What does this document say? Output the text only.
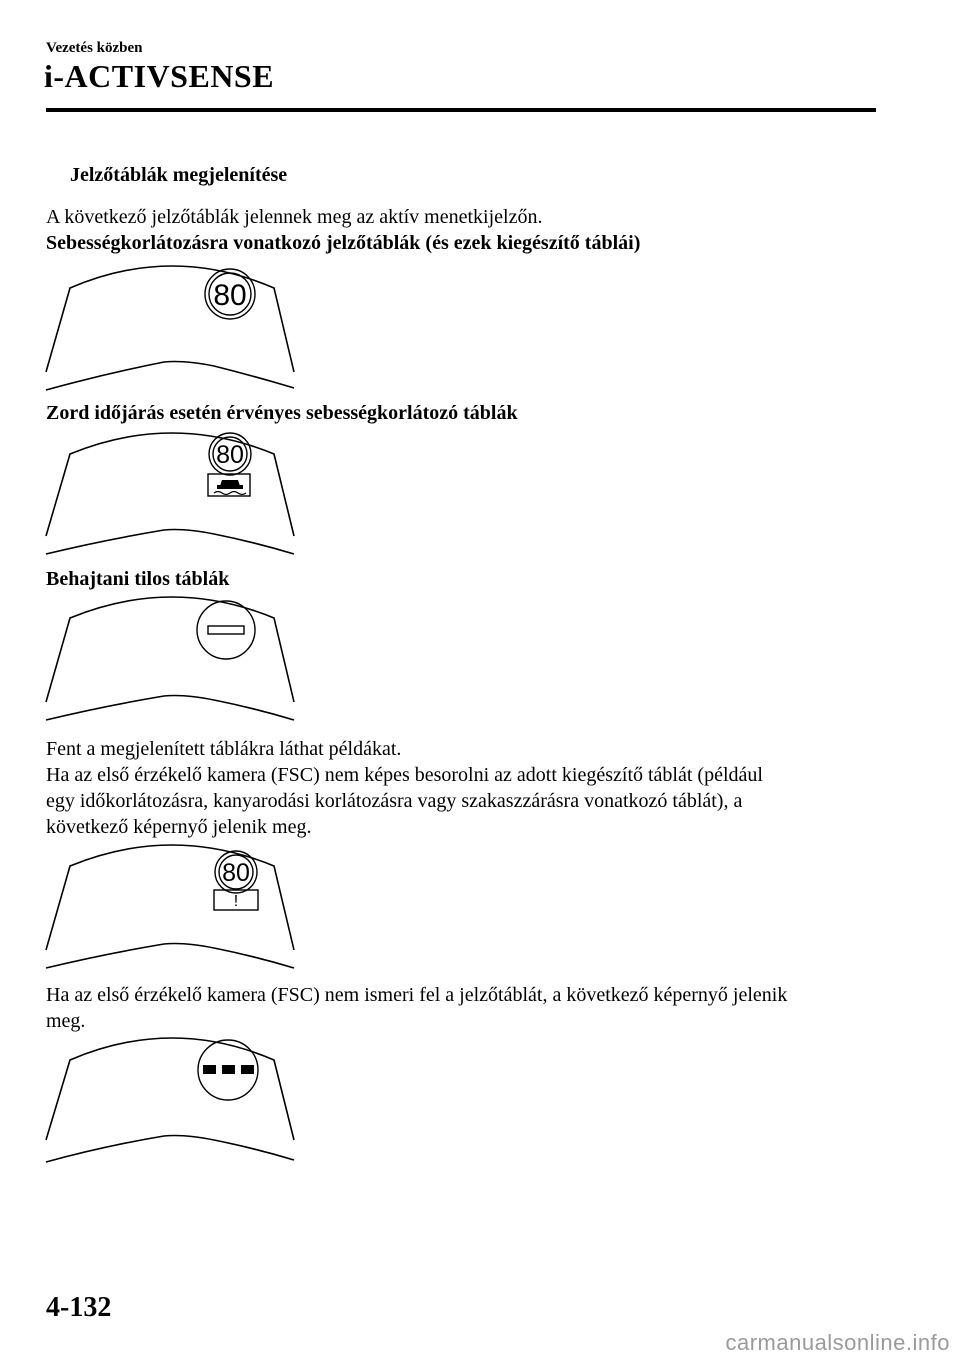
Vezetés közben
i-ACTIVSENSE
Jelzőtáblák megjelenítése
A következő jelzőtáblák jelennek meg az aktív menetkijelzőn.
Sebességkorlátozásra vonatkozó jelzőtáblák (és ezek kiegészítő táblái)
80
Zord időjárás esetén érvényes sebességkorlátozó táblák
80
Behajtani tilos táblák
Fent a megjelenített táblákra láthat példákat.
Ha az első érzékelő kamera (FSC) nem képes besorolni az adott kiegészítő táblát (például
egy időkorlátozásra, kanyarodási korlátozásra vagy szakaszzárásra vonatkozó táblát), a
következő képernyő jelenik meg.
80
!
Ha az első érzékelő kamera (FSC) nem ismeri fel a jelzőtáblát, a következő képernyő jelenik
meg.
4-132
carmanualsonline.info
